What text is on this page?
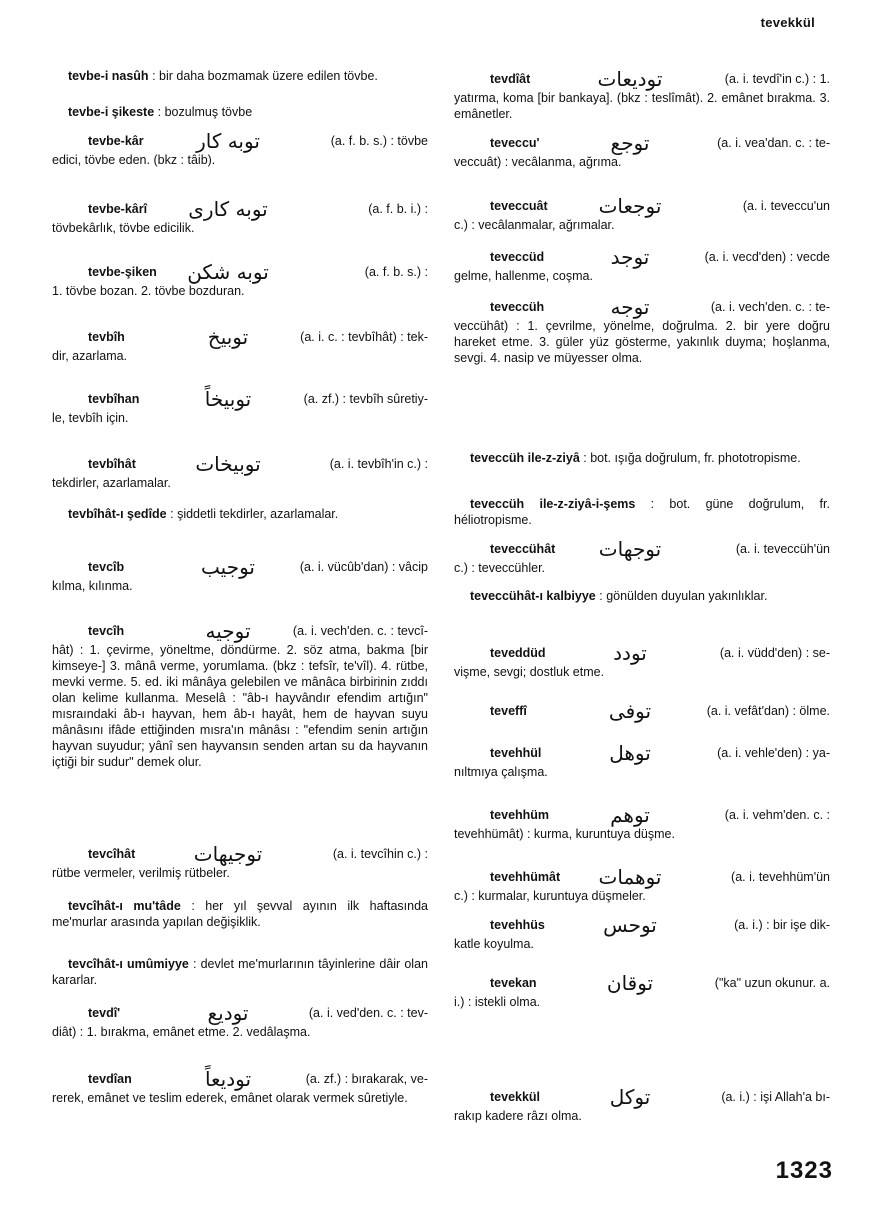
tevekkül

tevbe-i nasûh : bir daha bozmamak üzere edilen tövbe.

tevbe-i şikeste : bozulmuş tövbe

tevbe-kâr	توبه كار	(a. f. b. s.) : tövbe

edici, tövbe eden. (bkz : tâib).

tevbe-kârî	توبه كارى	(a. f. b. i.) :

tövbekârlık, tövbe edicilik.

tevbe-şiken	توبه شكن	(a. f. b. s.) :

1. tövbe bozan. 2. tövbe bozduran.

tevbîh	توبيخ	(a. i. c. : tevbîhât) : tek-

dir, azarlama.

tevbîhan	توبيخاً	(a. zf.) : tevbîh sûretiy-

le, tevbîh için.

tevbîhât	توبيخات	(a. i. tevbîh'in c.) :

tekdirler, azarlamalar.

tevbîhât-ı şedîde : şiddetli tekdirler, azarlamalar.

tevcîb	توجيب	(a. i. vücûb'dan) : vâcip

kılma, kılınma.

tevcîh	توجيه	(a. i. vech'den. c. : tevcî-

hât) : 1. çevirme, yöneltme, döndürme. 2. söz atma, bakma [bir kimseye-] 3. mânâ verme, yorumlama. (bkz : tefsîr, te'vîl). 4. rütbe, mevki verme. 5. ed. iki mânâya gelebilen ve mânâca birbirinin zıddı olan kelime kullanma. Meselâ : "âb-ı hayvândır efendim artığın" mısraındaki âb-ı hayvan, hem âb-ı hayât, hem de hayvan suyu mânâsını ifâde ettiğinden mısra'ın mânâsı : "efendim senin artığın hayvan suyudur; yânî sen hayvansın senden artan su da hayvanın içtiği bir sudur" demek olur.

tevcîhât	توجيهات	(a. i. tevcîhin c.) :

rütbe vermeler, verilmiş rütbeler.

tevcîhât-ı mu'tâde : her yıl şevval ayının ilk haftasında me'murlar arasında yapılan değişiklik.

tevcîhât-ı umûmiyye : devlet me'murlarının tâyinlerine dâir olan kararlar.

tevdî'	توديع	(a. i. ved'den. c. : tev-

diât) : 1. bırakma, emânet etme. 2. vedâlaşma.

tevdîan	توديعاً	(a. zf.) : bırakarak, ve-

rerek, emânet ve teslim ederek, emânet olarak vermek sûretiyle.

tevdîât	توديعات	(a. i. tevdî'in c.) : 1.

yatırma, koma [bir bankaya]. (bkz : teslîmât). 2. emânet bırakma. 3. emânetler.

teveccu'	توجع	(a. i. vea'dan. c. : te-

veccuât) : vecâlanma, ağrıma.

teveccuât	توجعات	(a. i. teveccu'un

c.) : vecâlanmalar, ağrımalar.

teveccüd	توجد	(a. i. vecd'den) : vecde

gelme, hallenme, coşma.

teveccüh	توجه	(a. i. vech'den. c. : te-

veccühât) : 1. çevrilme, yönelme, doğrulma. 2. bir yere doğru hareket etme. 3. güler yüz gösterme, yakınlık duyma; hoşlanma, sevgi. 4. nasip ve müyesser olma.

teveccüh ile-z-ziyâ : bot. ışığa doğrulum, fr. phototropisme.

teveccüh ile-z-ziyâ-i-şems : bot. güne doğrulum, fr. héliotropisme.

teveccühât	توجهات	(a. i. teveccüh'ün

c.) : teveccühler.

teveccühât-ı kalbiyye : gönülden duyulan yakınlıklar.

teveddüd	تودد	(a. i. vüdd'den) : se-

vişme, sevgi; dostluk etme.

teveffî	توفى	(a. i. vefât'dan) : ölme.
tevehhül	توهل	(a. i. vehle'den) : ya-

nıltmıya çalışma.

tevehhüm	توهم	(a. i. vehm'den. c. :

tevehhümât) : kurma, kuruntuya düşme.

tevehhümât	توهمات	(a. i. tevehhüm'ün

c.) : kurmalar, kuruntuya düşmeler.

tevehhüs	توحس	(a. i.) : bir işe dik-

katle koyulma.

tevekan	توقان	("ka" uzun okunur. a.

i.) : istekli olma.

tevekkül	توكل	(a. i.) : işi Allah'a bı-

rakıp kadere râzı olma.

1323
